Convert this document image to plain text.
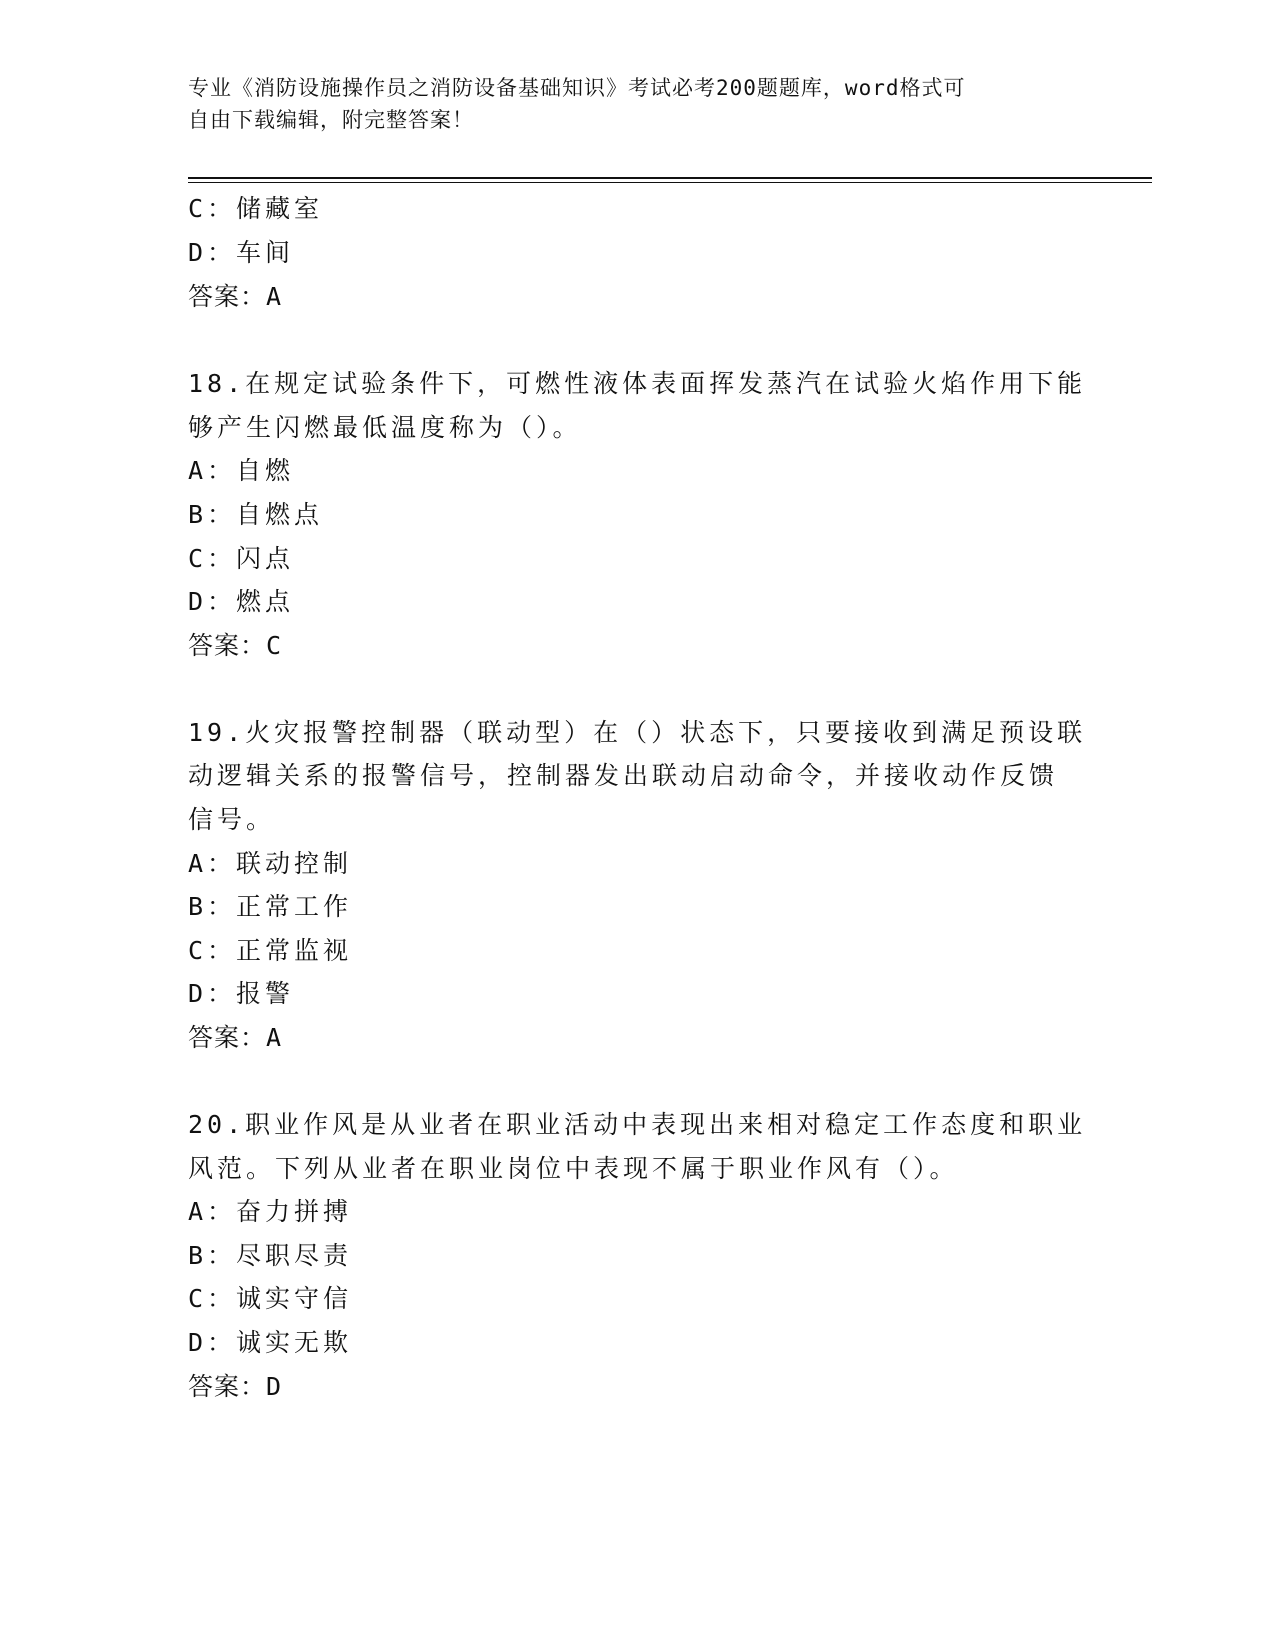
专业《消防设施操作员之消防设备基础知识》考试必考200题题库，word格式可
自由下载编辑，附完整答案！
C：储藏室
D：车间
答案：A
18.在规定试验条件下，可燃性液体表面挥发蒸汽在试验火焰作用下能
够产生闪燃最低温度称为（）。
A：自燃
B：自燃点
C：闪点
D：燃点
答案：C
19.火灾报警控制器（联动型）在（）状态下，只要接收到满足预设联
动逻辑关系的报警信号，控制器发出联动启动命令，并接收动作反馈
信号。
A：联动控制
B：正常工作
C：正常监视
D：报警
答案：A
20.职业作风是从业者在职业活动中表现出来相对稳定工作态度和职业
风范。下列从业者在职业岗位中表现不属于职业作风有（）。
A：奋力拼搏
B：尽职尽责
C：诚实守信
D：诚实无欺
答案：D
